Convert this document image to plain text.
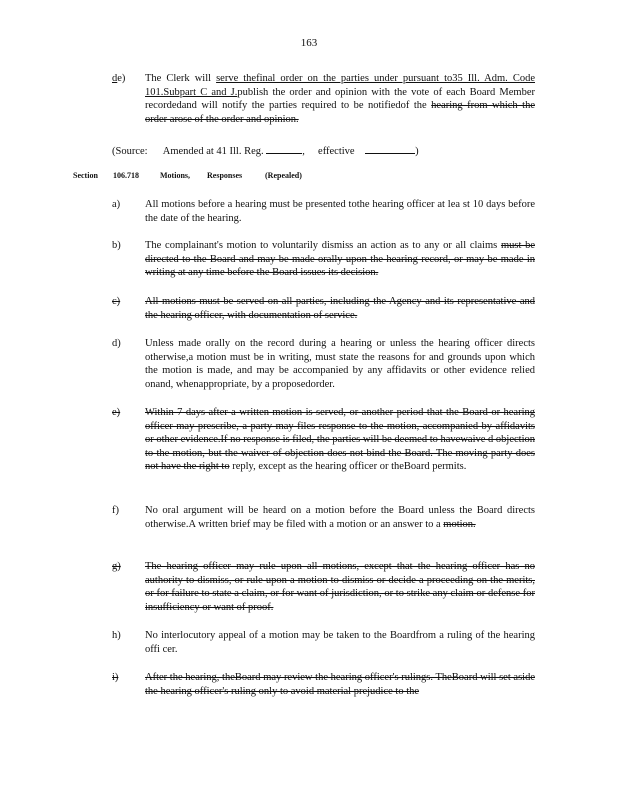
163
de)	The Clerk will serve thefinal order on the parties under pursuant to35 Ill. Adm. Code 101.Subpart C and J.publish the order and opinion with the vote of each Board Member recordedand will notify the parties required to be notifiedof the hearing from which the order arose of the order and opinion.
(Source: Amended at 41 Ill. Reg.	,     effective	)
Section 106.718	Motions, Responses	(Repealed)
a)	All motions before a hearing must be presented tothe hearing officer at lea st 10 days before the date of the hearing.
b)	The complainant's motion to voluntarily dismiss an action as to any or all claims must be directed to the Board and may be made orally upon the hearing record, or may be made in writing at any time before the Board issues its decision.
c)	All motions must be served on all parties, including the Agency and its representative and the hearing officer, with documentation of service.
d)	Unless made orally on the record during a hearing or unless the hearing officer directs otherwise,a motion must be in writing, must state the reasons for and grounds upon which the motion is made, and may be accompanied by any affidavits or other evidence relied onand, whenappropriate, by a proposedorder.
e)	Within 7 days after a written motion is served, or another period that the Board or hearing officer may prescribe, a party may files response to the motion, accompanied by affidavits or other evidence.If no response is filed, the parties will be deemed to havewaive d objection to the motion, but the waiver of objection does not bind the Board. The moving party does not have the right to reply, except as the hearing officer or theBoard permits.
f)	No oral argument will be heard on a motion before the Board unless the Board directs otherwise.A written brief may be filed with a motion or an answer to a motion.
g)	The hearing officer may rule upon all motions, except that the hearing officer has no authority to dismiss, or rule upon a motion to dismiss or decide a proceeding on the merits, or for failure to state a claim, or for want of jurisdiction, or to strike any claim or defense for insufficiency or want of proof.
h)	No interlocutory appeal of a motion may be taken to the Boardfrom a ruling of the hearing offi cer.
i)	After the hearing, theBoard may review the hearing officer's rulings. TheBoard will set aside the hearing officer's ruling only to avoid material prejudice to the
